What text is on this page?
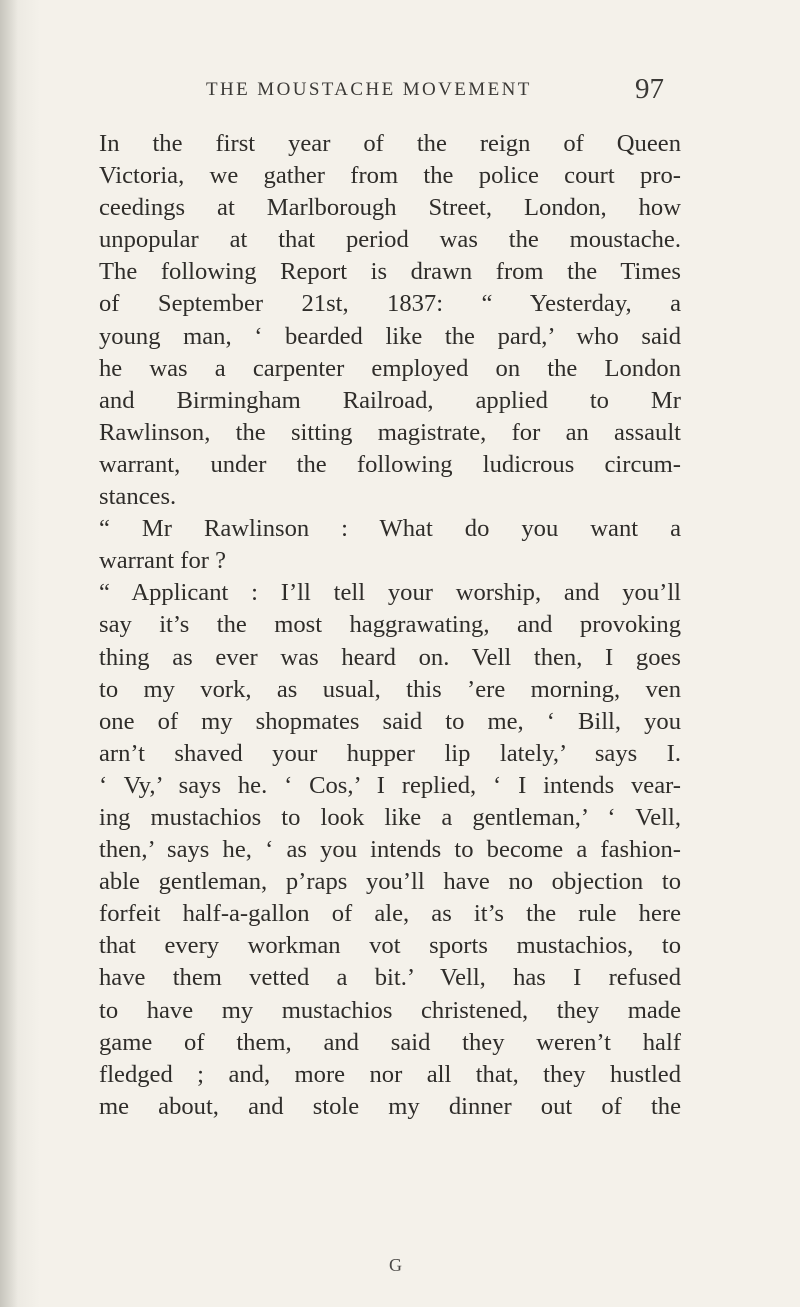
THE MOUSTACHE MOVEMENT	97
In the first year of the reign of Queen
Victoria, we gather from the police court pro-
ceedings at Marlborough Street, London, how
unpopular at that period was the moustache.
The following Report is drawn from the Times
of September 21st, 1837: “ Yesterday, a
young man, ‘ bearded like the pard,’ who said
he was a carpenter employed on the London
and Birmingham Railroad, applied to Mr
Rawlinson, the sitting magistrate, for an assault
warrant, under the following ludicrous circum-
stances.
“ Mr Rawlinson : What do you want a
warrant for ?
“ Applicant : I’ll tell your worship, and you’ll
say it’s the most haggrawating, and provoking
thing as ever was heard on. Vell then, I goes
to my vork, as usual, this ’ere morning, ven
one of my shopmates said to me, ‘ Bill, you
arn’t shaved your hupper lip lately,’ says I.
‘ Vy,’ says he. ‘ Cos,’ I replied, ‘ I intends vear-
ing mustachios to look like a gentleman,’ ‘ Vell,
then,’ says he, ‘ as you intends to become a fashion-
able gentleman, p’raps you’ll have no objection to
forfeit half-a-gallon of ale, as it’s the rule here
that every workman vot sports mustachios, to
have them vetted a bit.’ Vell, has I refused
to have my mustachios christened, they made
game of them, and said they weren’t half
fledged ; and, more nor all that, they hustled
me about, and stole my dinner out of the
G
